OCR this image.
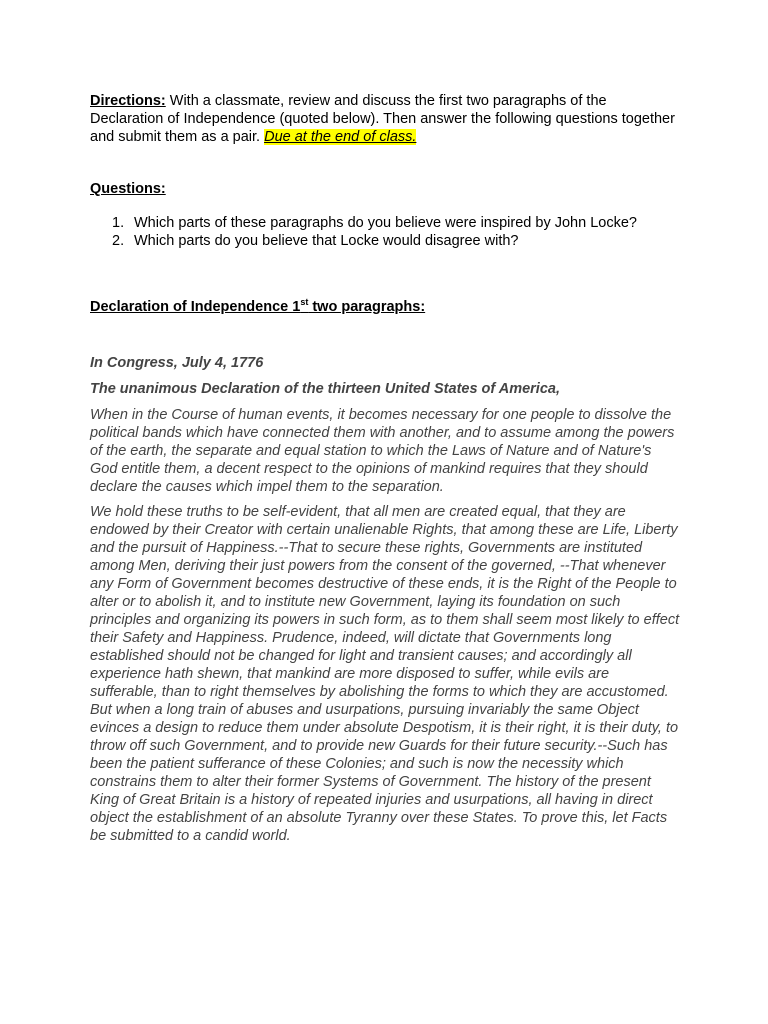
Directions: With a classmate, review and discuss the first two paragraphs of the Declaration of Independence (quoted below). Then answer the following questions together and submit them as a pair. Due at the end of class.

Questions:

1. Which parts of these paragraphs do you believe were inspired by John Locke?
2. Which parts do you believe that Locke would disagree with?

Declaration of Independence 1st two paragraphs:

In Congress, July 4, 1776
The unanimous Declaration of the thirteen United States of America,

When in the Course of human events, it becomes necessary for one people to dissolve the political bands which have connected them with another, and to assume among the powers of the earth, the separate and equal station to which the Laws of Nature and of Nature's God entitle them, a decent respect to the opinions of mankind requires that they should declare the causes which impel them to the separation.

We hold these truths to be self-evident, that all men are created equal, that they are endowed by their Creator with certain unalienable Rights, that among these are Life, Liberty and the pursuit of Happiness.--That to secure these rights, Governments are instituted among Men, deriving their just powers from the consent of the governed, --That whenever any Form of Government becomes destructive of these ends, it is the Right of the People to alter or to abolish it, and to institute new Government, laying its foundation on such principles and organizing its powers in such form, as to them shall seem most likely to effect their Safety and Happiness. Prudence, indeed, will dictate that Governments long established should not be changed for light and transient causes; and accordingly all experience hath shewn, that mankind are more disposed to suffer, while evils are sufferable, than to right themselves by abolishing the forms to which they are accustomed. But when a long train of abuses and usurpations, pursuing invariably the same Object evinces a design to reduce them under absolute Despotism, it is their right, it is their duty, to throw off such Government, and to provide new Guards for their future security.--Such has been the patient sufferance of these Colonies; and such is now the necessity which constrains them to alter their former Systems of Government. The history of the present King of Great Britain is a history of repeated injuries and usurpations, all having in direct object the establishment of an absolute Tyranny over these States. To prove this, let Facts be submitted to a candid world.
